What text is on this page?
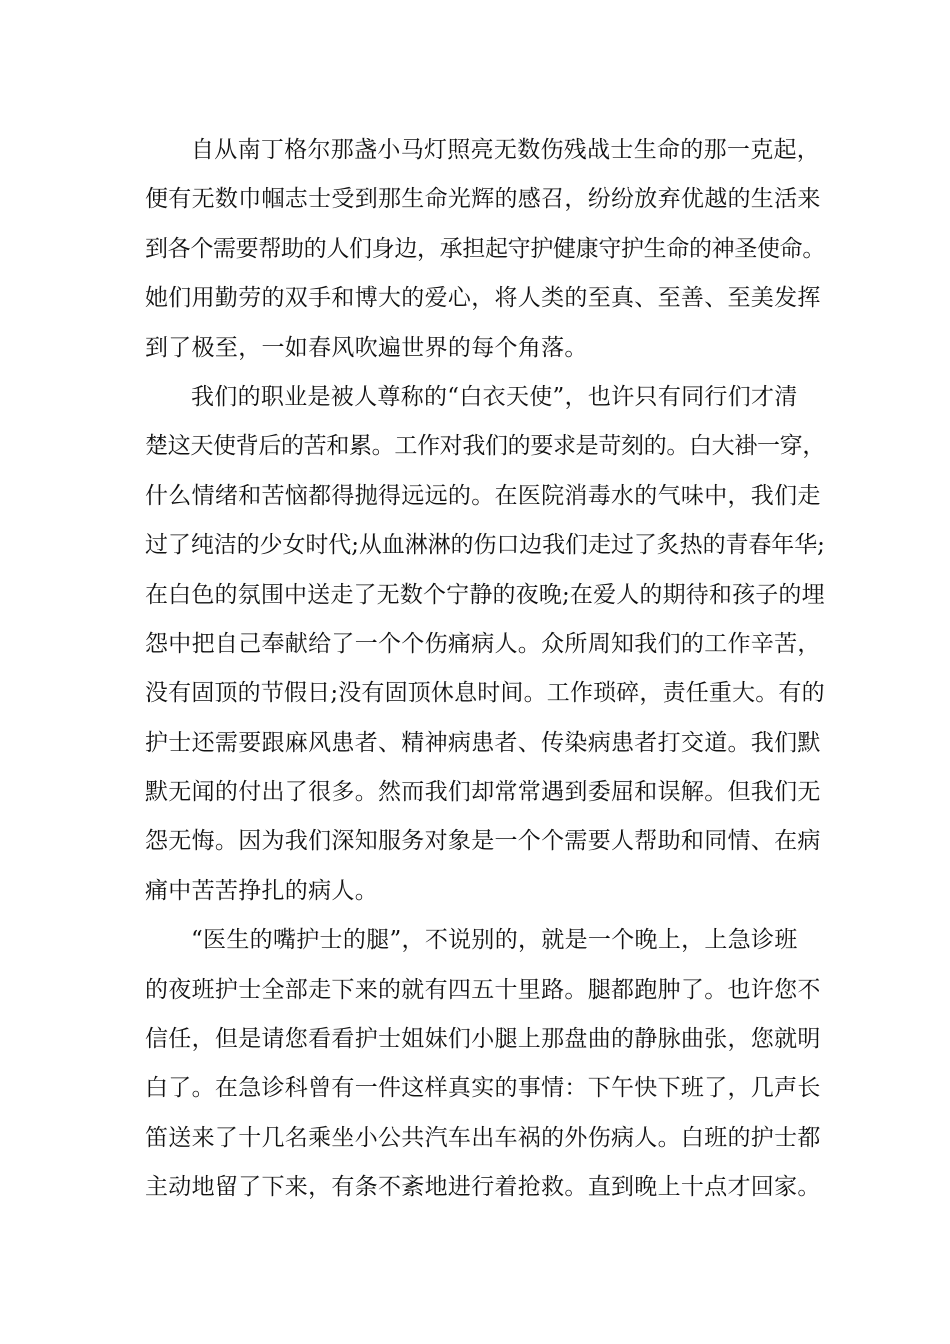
自从南丁格尔那盏小马灯照亮无数伤残战士生命的那一克起，
便有无数巾帼志士受到那生命光辉的感召，纷纷放弃优越的生活来
到各个需要帮助的人们身边，承担起守护健康守护生命的神圣使命。
她们用勤劳的双手和博大的爱心，将人类的至真、至善、至美发挥
到了极至，一如春风吹遍世界的每个角落。
我们的职业是被人尊称的“白衣天使”，也许只有同行们才清
楚这天使背后的苦和累。工作对我们的要求是苛刻的。白大褂一穿，
什么情绪和苦恼都得抛得远远的。在医院消毒水的气味中，我们走
过了纯洁的少女时代;从血淋淋的伤口边我们走过了炙热的青春年华;
在白色的氛围中送走了无数个宁静的夜晚;在爱人的期待和孩子的埋
怨中把自己奉献给了一个个伤痛病人。众所周知我们的工作辛苦，
没有固顶的节假日;没有固顶休息时间。工作琐碎，责任重大。有的
护士还需要跟麻风患者、精神病患者、传染病患者打交道。我们默
默无闻的付出了很多。然而我们却常常遇到委屈和误解。但我们无
怨无悔。因为我们深知服务对象是一个个需要人帮助和同情、在病
痛中苦苦挣扎的病人。
“医生的嘴护士的腿”，不说别的，就是一个晚上，上急诊班
的夜班护士全部走下来的就有四五十里路。腿都跑肿了。也许您不
信任，但是请您看看护士姐妹们小腿上那盘曲的静脉曲张，您就明
白了。在急诊科曾有一件这样真实的事情：下午快下班了，几声长
笛送来了十几名乘坐小公共汽车出车祸的外伤病人。白班的护士都
主动地留了下来，有条不紊地进行着抢救。直到晚上十点才回家。
